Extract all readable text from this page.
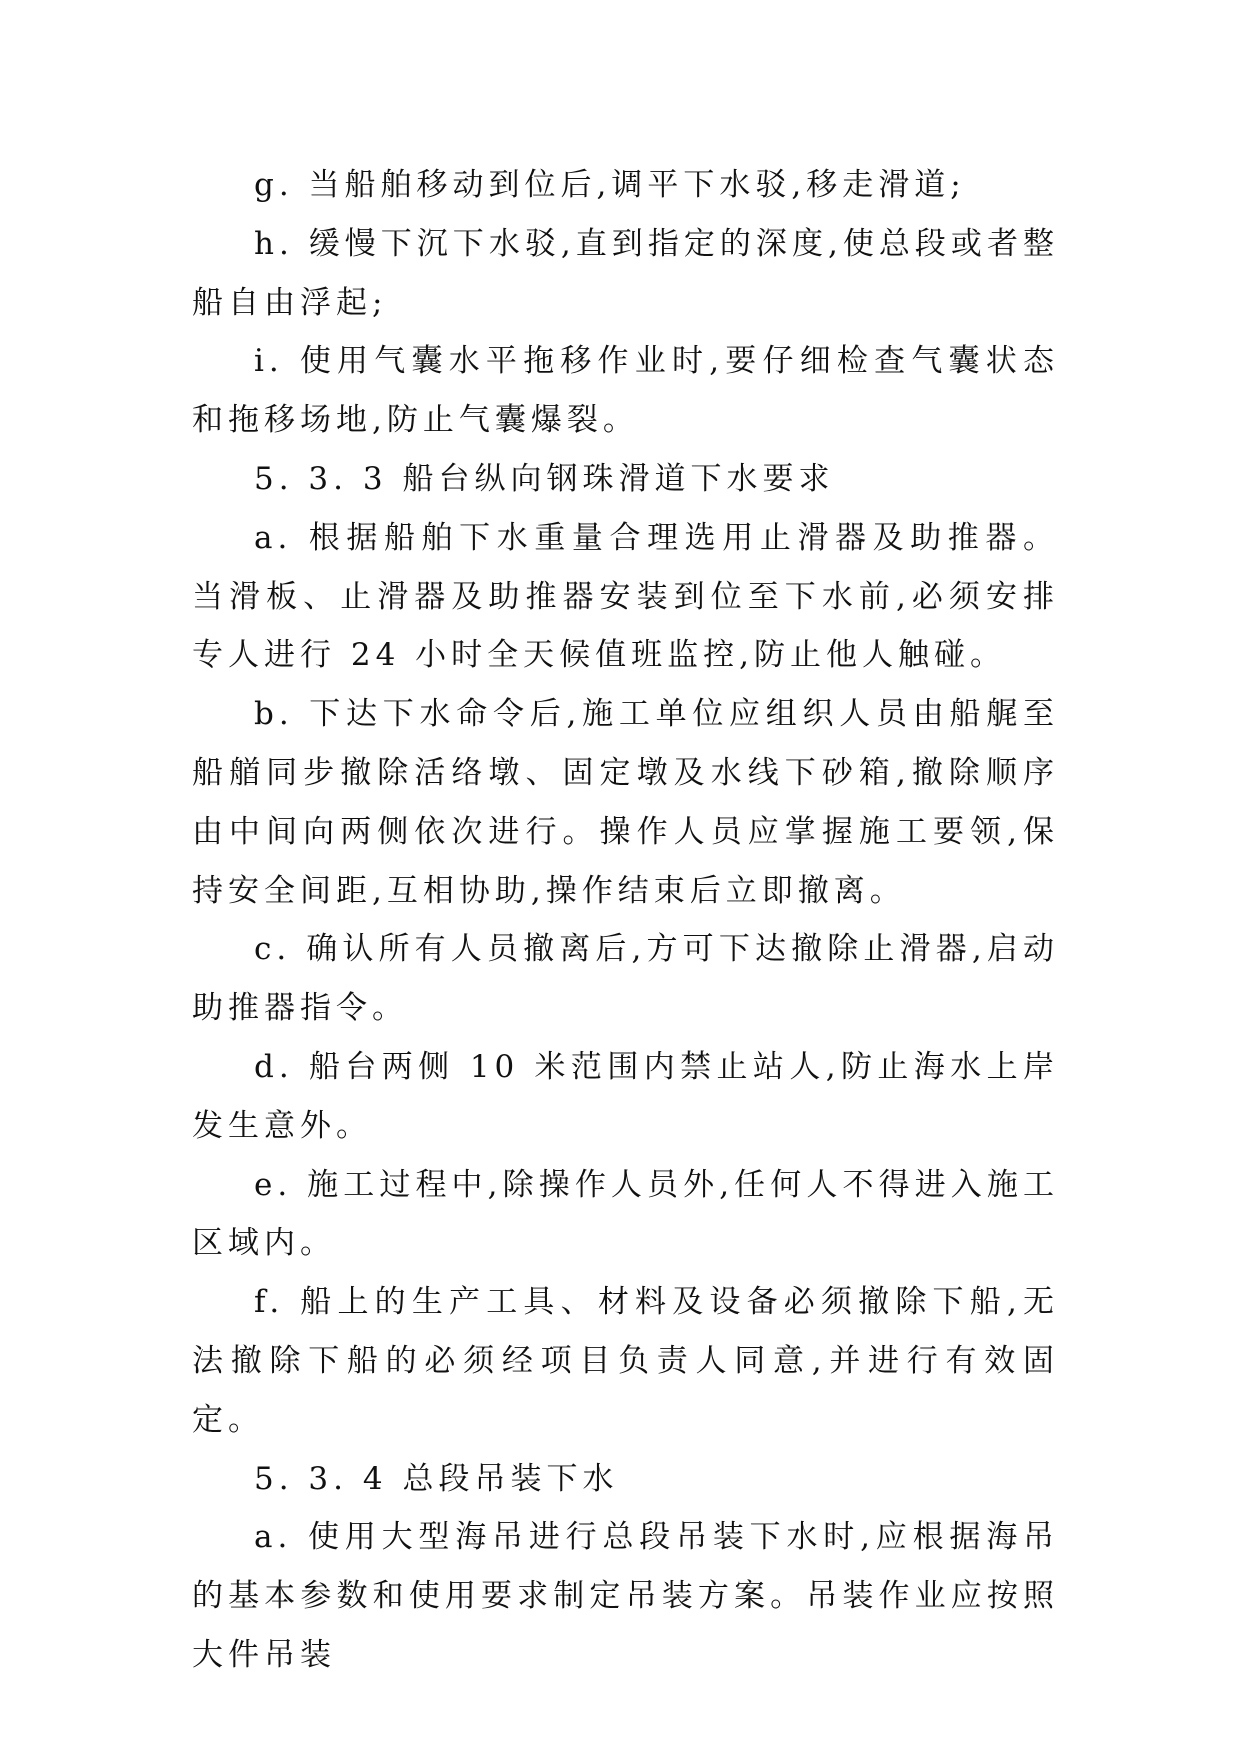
g. 当船舶移动到位后,调平下水驳,移走滑道;

h. 缓慢下沉下水驳,直到指定的深度,使总段或者整船自由浮起;

i. 使用气囊水平拖移作业时,要仔细检查气囊状态和拖移场地,防止气囊爆裂。

5. 3. 3 船台纵向钢珠滑道下水要求

a. 根据船舶下水重量合理选用止滑器及助推器。当滑板、止滑器及助推器安装到位至下水前,必须安排专人进行 24 小时全天候值班监控,防止他人触碰。

b. 下达下水命令后,施工单位应组织人员由船艉至船艏同步撤除活络墩、固定墩及水线下砂箱,撤除顺序由中间向两侧依次进行。操作人员应掌握施工要领,保持安全间距,互相协助,操作结束后立即撤离。

c. 确认所有人员撤离后,方可下达撤除止滑器,启动助推器指令。

d. 船台两侧 10 米范围内禁止站人,防止海水上岸发生意外。

e. 施工过程中,除操作人员外,任何人不得进入施工区域内。

f. 船上的生产工具、材料及设备必须撤除下船,无法撤除下船的必须经项目负责人同意,并进行有效固定。

5. 3. 4 总段吊装下水

a. 使用大型海吊进行总段吊装下水时,应根据海吊的基本参数和使用要求制定吊装方案。吊装作业应按照大件吊装
